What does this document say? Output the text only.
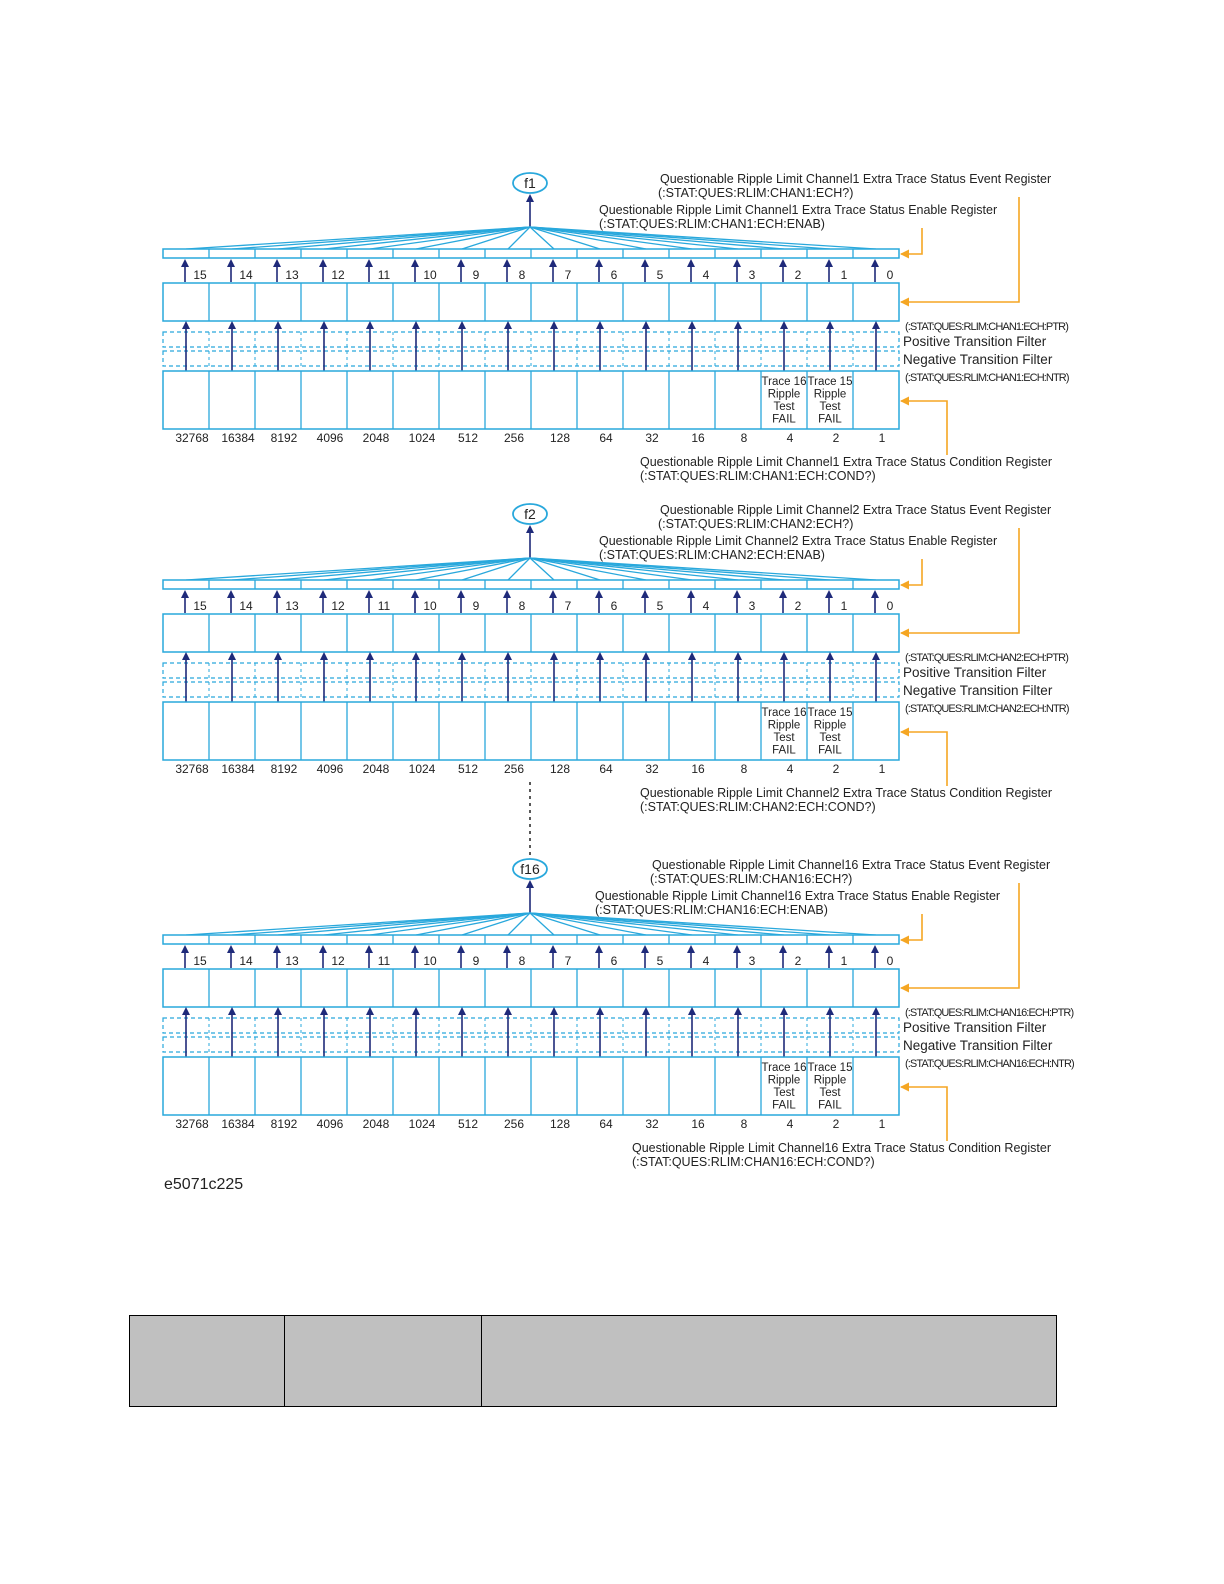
f1
15	14	13	12	11	10	9	8	7	6	5	4	3	2	1	0
Trace 16
Ripple
Test
FAIL
Trace 15
Ripple
Test
FAIL
32768 16384 8192 4096 2048 1024 512 256 128 64	32	16	8	4	2	1
Questionable Ripple Limit Channel1 Extra Trace Status Event Register
(:STAT:QUES:RLIM:CHAN1:ECH?)
Questionable Ripple Limit Channel1 Extra Trace Status Enable Register
(:STAT:QUES:RLIM:CHAN1:ECH:ENAB)
(:STAT:QUES:RLIM:CHAN1:ECH:PTR)
Positive Transition Filter
Negative Transition Filter
(:STAT:QUES:RLIM:CHAN1:ECH:NTR)
Questionable Ripple Limit Channel1 Extra Trace Status Condition Register
(:STAT:QUES:RLIM:CHAN1:ECH:COND?)
f2
15	14	13	12	11	10	9	8	7	6	5	4	3	2	1	0
Trace 16
Ripple
Test
FAIL
Trace 15
Ripple
Test
FAIL
32768 16384 8192 4096 2048 1024 512 256 128 64	32	16	8	4	2	1
Questionable Ripple Limit Channel2 Extra Trace Status Event Register
(:STAT:QUES:RLIM:CHAN2:ECH?)
Questionable Ripple Limit Channel2 Extra Trace Status Enable Register
(:STAT:QUES:RLIM:CHAN2:ECH:ENAB)
(:STAT:QUES:RLIM:CHAN2:ECH:PTR)
Positive Transition Filter
Negative Transition Filter
(:STAT:QUES:RLIM:CHAN2:ECH:NTR)
Questionable Ripple Limit Channel2 Extra Trace Status Condition Register
(:STAT:QUES:RLIM:CHAN2:ECH:COND?)
f16
15	14	13	12	11	10	9	8	7	6	5	4	3	2	1	0
Trace 16
Ripple
Test
FAIL
Trace 15
Ripple
Test
FAIL
32768 16384 8192 4096 2048 1024 512 256 128 64	32	16	8	4	2	1
Questionable Ripple Limit Channel16 Extra Trace Status Event Register
(:STAT:QUES:RLIM:CHAN16:ECH?)
Questionable Ripple Limit Channel16 Extra Trace Status Enable Register
(:STAT:QUES:RLIM:CHAN16:ECH:ENAB)
(:STAT:QUES:RLIM:CHAN16:ECH:PTR)
Positive Transition Filter
Negative Transition Filter
(:STAT:QUES:RLIM:CHAN16:ECH:NTR)
Questionable Ripple Limit Channel16 Extra Trace Status Condition Register
(:STAT:QUES:RLIM:CHAN16:ECH:COND?)
e5071c225
